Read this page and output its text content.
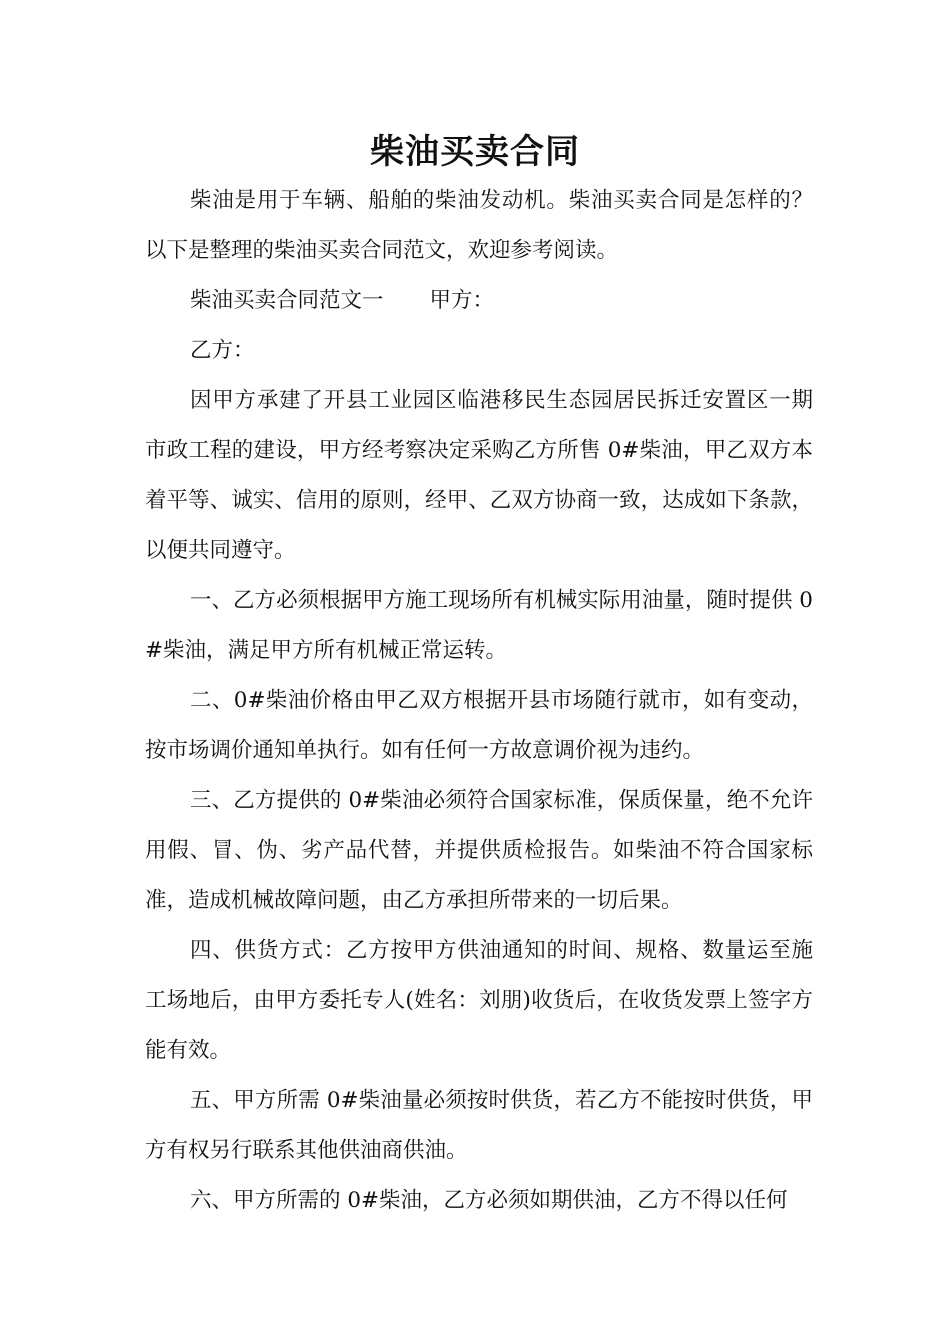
柴油买卖合同

柴油是用于车辆、船舶的柴油发动机。柴油买卖合同是怎样的？以下是整理的柴油买卖合同范文，欢迎参考阅读。

柴油买卖合同范文一 甲方：

乙方：

因甲方承建了开县工业园区临港移民生态园居民拆迁安置区一期市政工程的建设，甲方经考察决定采购乙方所售 0#柴油，甲乙双方本着平等、诚实、信用的原则，经甲、乙双方协商一致，达成如下条款，以便共同遵守。

一、乙方必须根据甲方施工现场所有机械实际用油量，随时提供 0#柴油，满足甲方所有机械正常运转。

二、0#柴油价格由甲乙双方根据开县市场随行就市，如有变动，按市场调价通知单执行。如有任何一方故意调价视为违约。

三、乙方提供的 0#柴油必须符合国家标准，保质保量，绝不允许用假、冒、伪、劣产品代替，并提供质检报告。如柴油不符合国家标准，造成机械故障问题，由乙方承担所带来的一切后果。

四、供货方式：乙方按甲方供油通知的时间、规格、数量运至施工场地后，由甲方委托专人(姓名：刘朋)收货后，在收货发票上签字方能有效。

五、甲方所需 0#柴油量必须按时供货，若乙方不能按时供货，甲方有权另行联系其他供油商供油。

六、甲方所需的 0#柴油，乙方必须如期供油，乙方不得以任何
